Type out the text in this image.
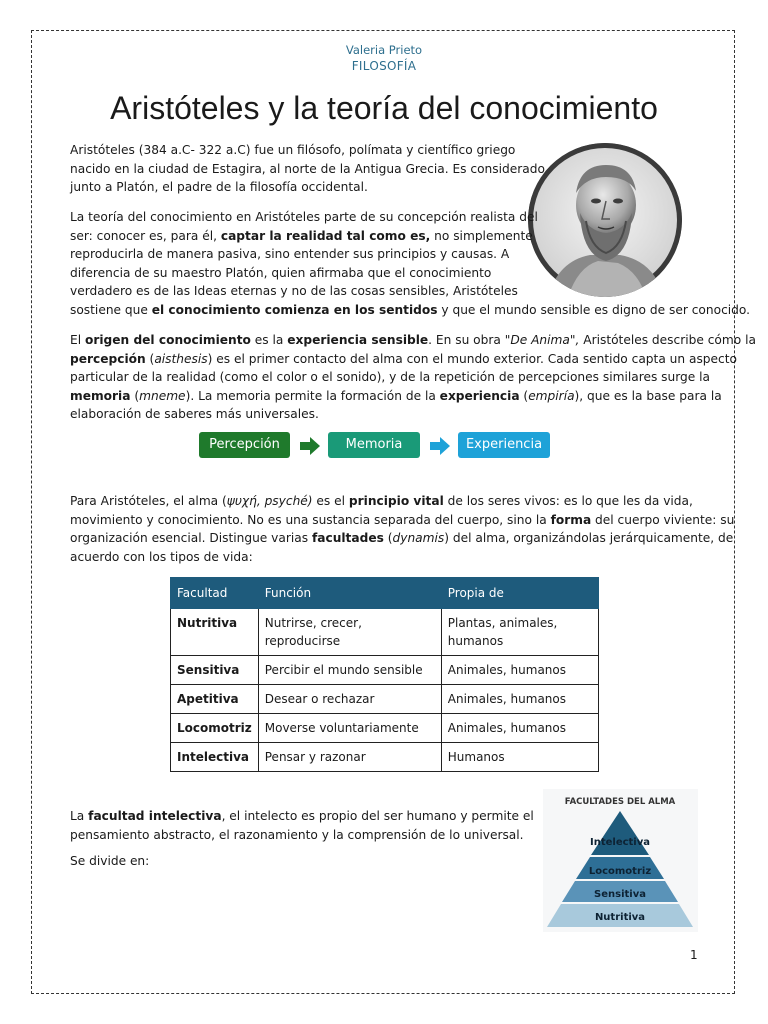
Valeria Prieto
FILOSOFÍA
Aristóteles y la teoría del conocimiento
Aristóteles (384 a.C- 322 a.C) fue un filósofo, polímata y científico griego
nacido en la ciudad de Estagira, al norte de la Antigua Grecia. Es considerado
junto a Platón, el padre de la filosofía occidental.
La teoría del conocimiento en Aristóteles parte de su concepción realista del
ser: conocer es, para él, captar la realidad tal como es, no simplemente
reproducirla de manera pasiva, sino entender sus principios y causas. A
diferencia de su maestro Platón, quien afirmaba que el conocimiento
verdadero es de las Ideas eternas y no de las cosas sensibles, Aristóteles
sostiene que el conocimiento comienza en los sentidos y que el mundo sensible es digno de ser conocido.
El origen del conocimiento es la experiencia sensible. En su obra "De Anima", Aristóteles describe cómo la
percepción (aisthesis) es el primer contacto del alma con el mundo exterior. Cada sentido capta un aspecto
particular de la realidad (como el color o el sonido), y de la repetición de percepciones similares surge la
memoria (mneme). La memoria permite la formación de la experiencia (empiría), que es la base para la
elaboración de saberes más universales.
Percepción	Memoria	Experiencia
Para Aristóteles, el alma (ψυχή, psyché) es el principio vital de los seres vivos: es lo que les da vida,
movimiento y conocimiento. No es una sustancia separada del cuerpo, sino la forma del cuerpo viviente: su
organización esencial. Distingue varias facultades (dynamis) del alma, organizándolas jerárquicamente, de
acuerdo con los tipos de vida:
Facultad	Función	Propia de
Nutritiva	Nutrirse, crecer, reproducirse	Plantas, animales,
humanos

Sensitiva	Percibir el mundo sensible	Animales, humanos
Apetitiva	Desear o rechazar	Animales, humanos
Locomotriz	Moverse voluntariamente	Animales, humanos
Intelectiva	Pensar y razonar	Humanos
La facultad intelectiva, el intelecto es propio del ser humano y permite el
pensamiento abstracto, el razonamiento y la comprensión de lo universal.
Se divide en:
FACULTADES DEL ALMA
Intelectiva
Locomotriz
Sensitiva
Nutritiva
1
